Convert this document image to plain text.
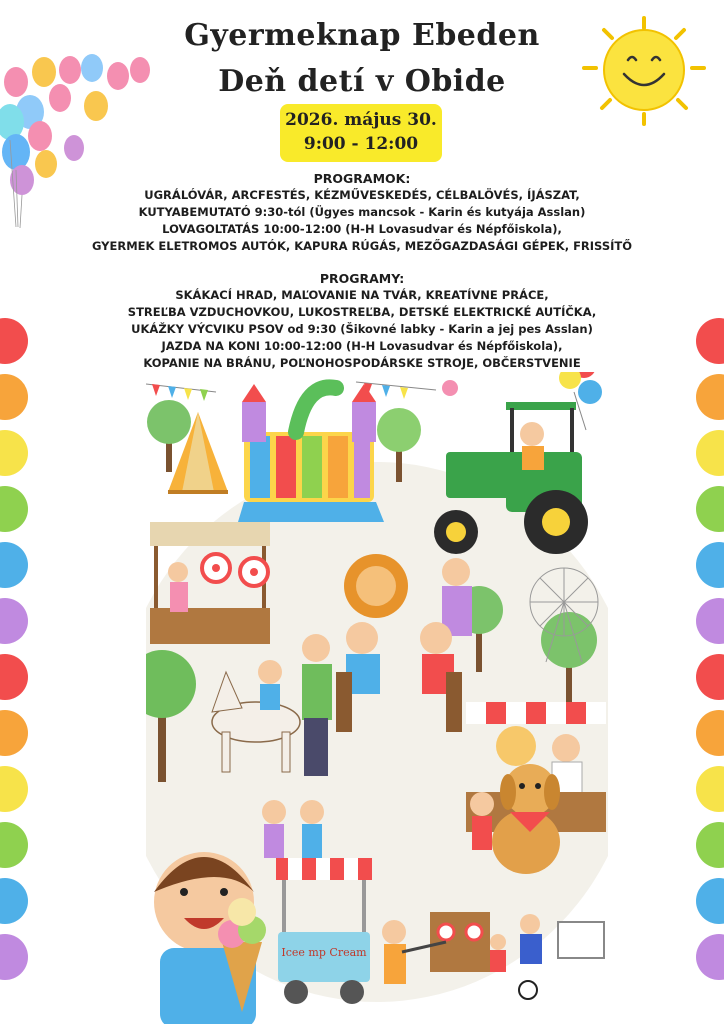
Gyermeknap Ebeden
Deň detí v Obide
2026. május 30.
9:00 - 12:00
PROGRAMOK:
UGRÁLÓVÁR, ARCFESTÉS, KÉZMŰVESKEDÉS, CÉLBALÖVÉS, ÍJÁSZAT,
KUTYABEMUTATÓ 9:30-tól (Ügyes mancsok - Karin és kutyája Asslan)
LOVAGOLTATÁS 10:00-12:00 (H-H Lovasudvar és Népfőiskola),
GYERMEK ELETROMOS AUTÓK, KAPURA RÚGÁS, MEZŐGAZDASÁGI GÉPEK, FRISSÍTŐ
PROGRAMY:
SKÁKACÍ HRAD, MAĽOVANIE NA TVÁR, KREATÍVNE PRÁCE,
STREĽBA VZDUCHOVKOU, LUKOSTREĽBA, DETSKÉ ELEKTRICKÉ AUTÍČKA,
UKÁŽKY VÝCVIKU PSOV od 9:30 (Šikovné labky - Karin a jej pes Asslan)
JAZDA NA KONI 10:00-12:00 (H-H Lovasudvar és Népfőiskola),
KOPANIE NA BRÁNU, POĽNOHOSPODÁRSKE STROJE, OBČERSTVENIE
Icee mp Cream
